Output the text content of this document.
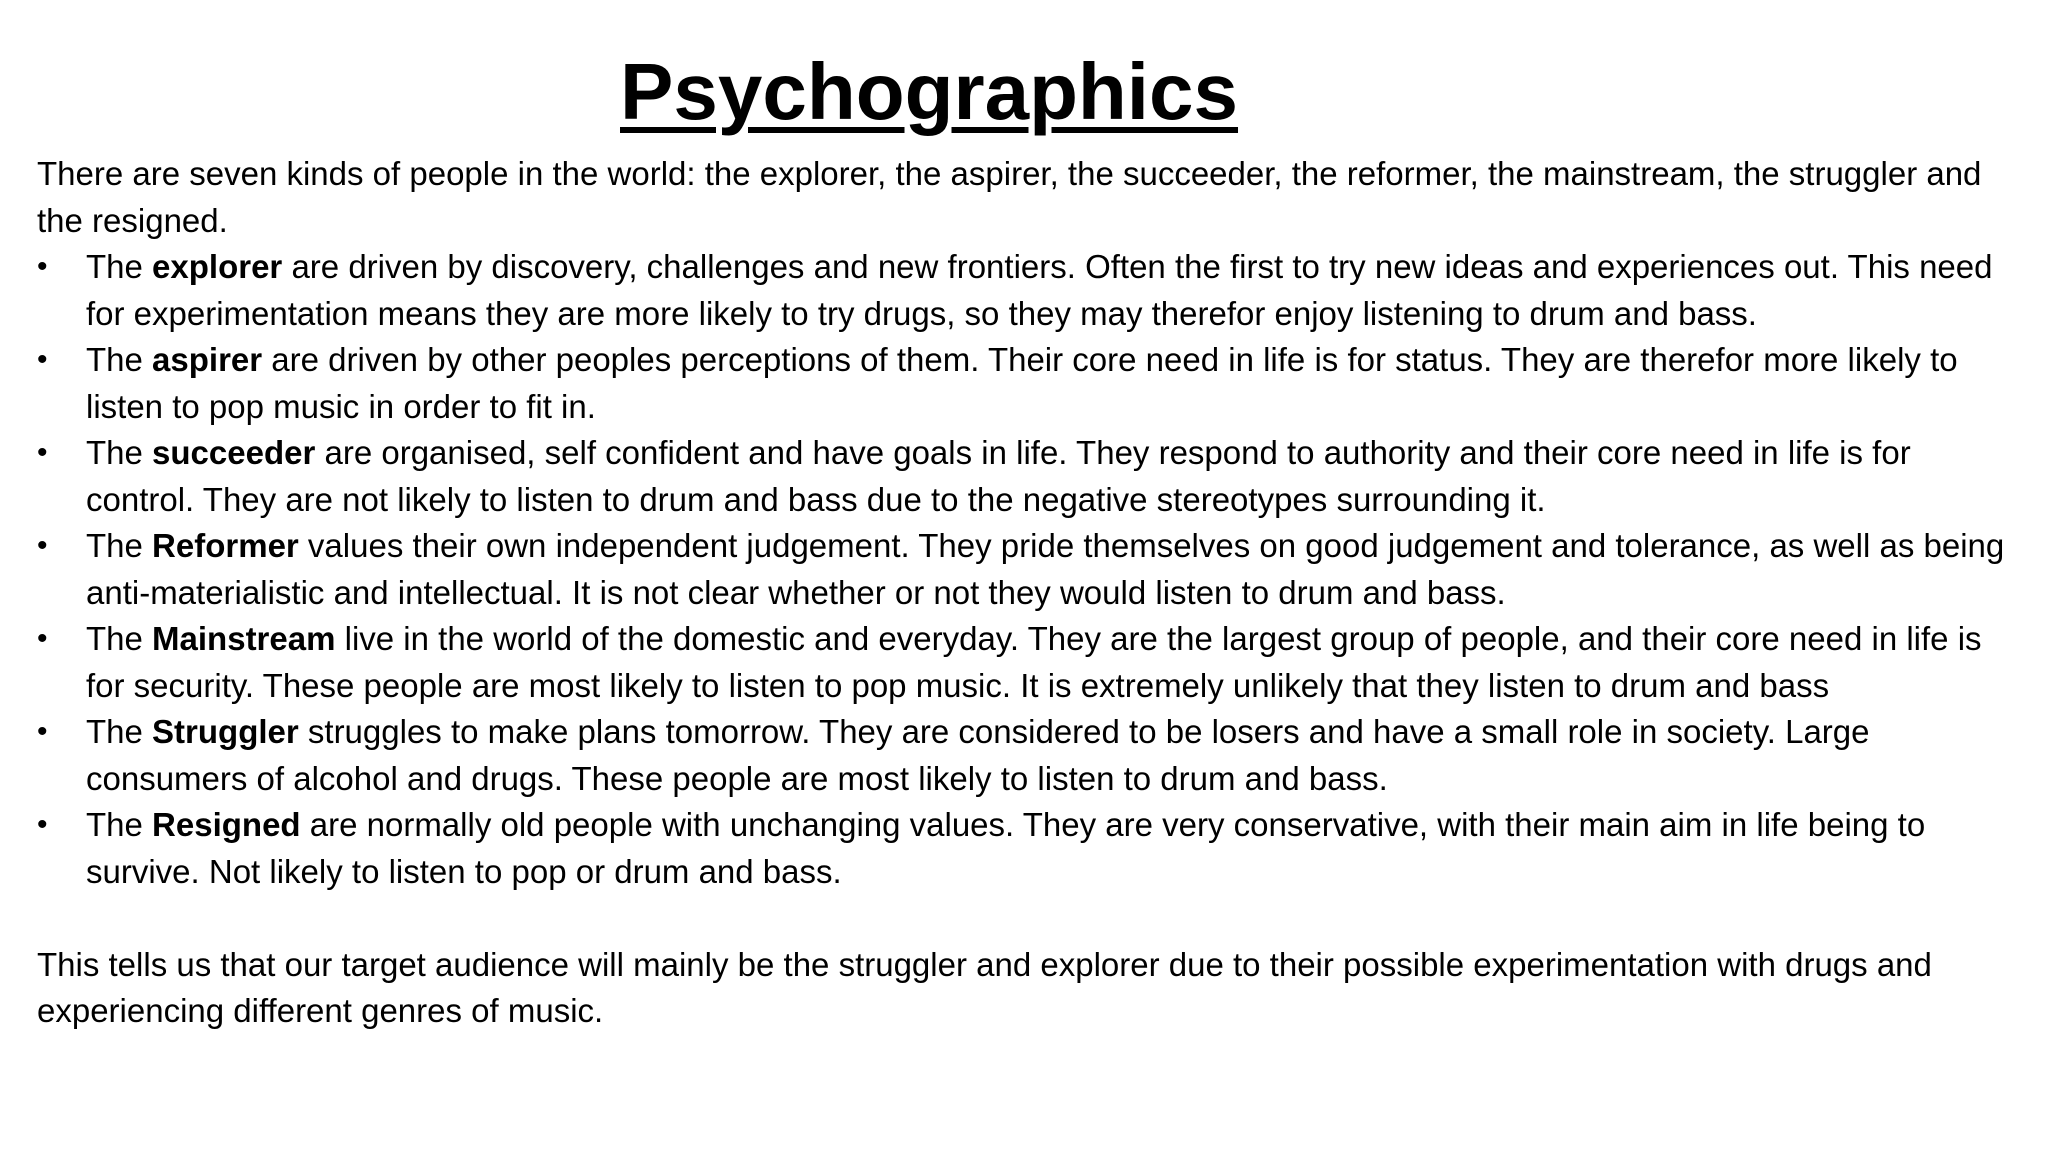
Psychographics

There are seven kinds of people in the world: the explorer, the aspirer, the succeeder, the reformer, the mainstream, the struggler and the resigned.

•	The explorer are driven by discovery, challenges and new frontiers. Often the first to try new ideas and experiences out. This need for experimentation means they are more likely to try drugs, so they may therefor enjoy listening to drum and bass.
•	The aspirer are driven by other peoples perceptions of them. Their core need in life is for status. They are therefor more likely to listen to pop music in order to fit in.
•	The succeeder are organised, self confident and have goals in life. They respond to authority and their core need in life is for control. They are not likely to listen to drum and bass due to the negative stereotypes surrounding it.
•	The Reformer values their own independent judgement. They pride themselves on good judgement and tolerance, as well as being anti-materialistic and intellectual. It is not clear whether or not they would listen to drum and bass.
•	The Mainstream live in the world of the domestic and everyday. They are the largest group of people, and their core need in life is for security. These people are most likely to listen to pop music. It is extremely unlikely that they listen to drum and bass
•	The Struggler struggles to make plans tomorrow. They are considered to be losers and have a small role in society. Large consumers of alcohol and drugs. These people are most likely to listen to drum and bass.
•	The Resigned are normally old people with unchanging values. They are very conservative, with their main aim in life being to survive. Not likely to listen to pop or drum and bass.

This tells us that our target audience will mainly be the struggler and explorer due to their possible experimentation with drugs and experiencing different genres of music.
